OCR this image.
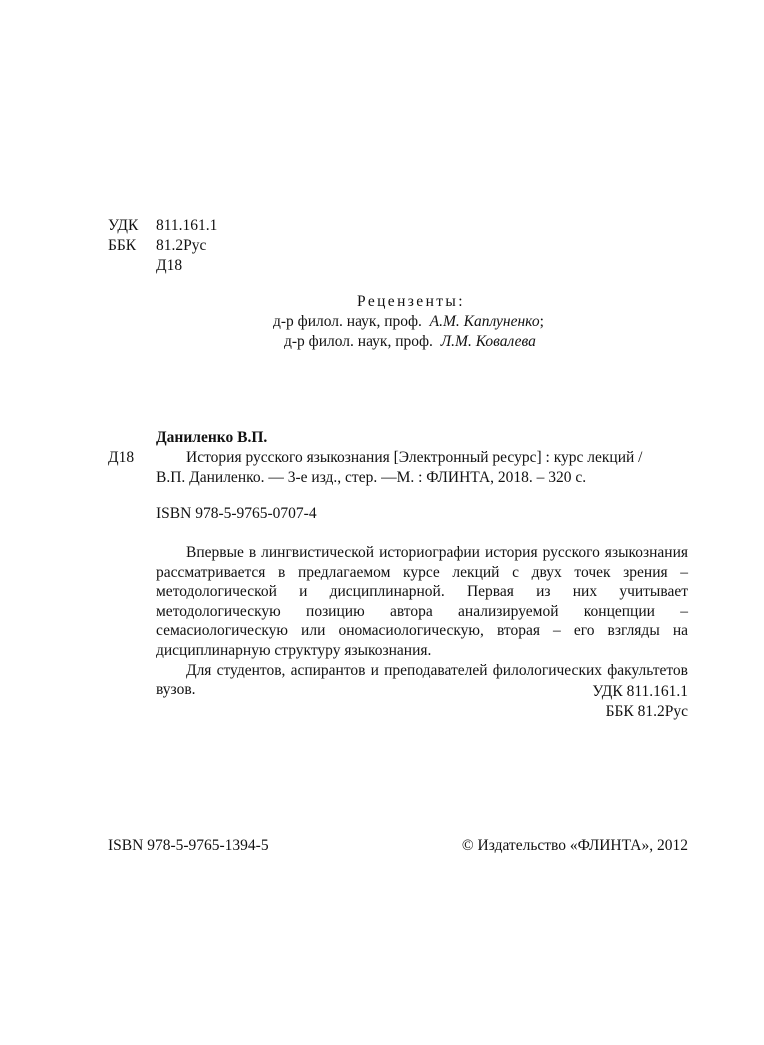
УДК 811.161.1
ББК 81.2Рус
Д18
Рецензенты:
д-р филол. наук, проф. А.М. Каплуненко;
д-р филол. наук, проф. Л.М. Ковалева
Даниленко В.П.
Д18	История русского языкознания [Электронный ресурс] : курс лекций /
В.П. Даниленко. — 3-е изд., стер. —М. : ФЛИНТА, 2018. – 320 с.
ISBN 978-5-9765-0707-4

Впервые в лингвистической историографии история русского языкознания рассматривается в предлагаемом курсе лекций с двух точек зрения – методологической и дисциплинарной. Первая из них учитывает методологическую позицию автора анализируемой концепции – семасиологическую или ономасиологическую, вторая – его взгляды на дисциплинарную структуру языкознания.

Для студентов, аспирантов и преподавателей филологических факультетов вузов.	УДК 811.161.1
ББК 81.2Рус
ISBN 978-5-9765-1394-5	© Издательство «ФЛИНТА», 2012
